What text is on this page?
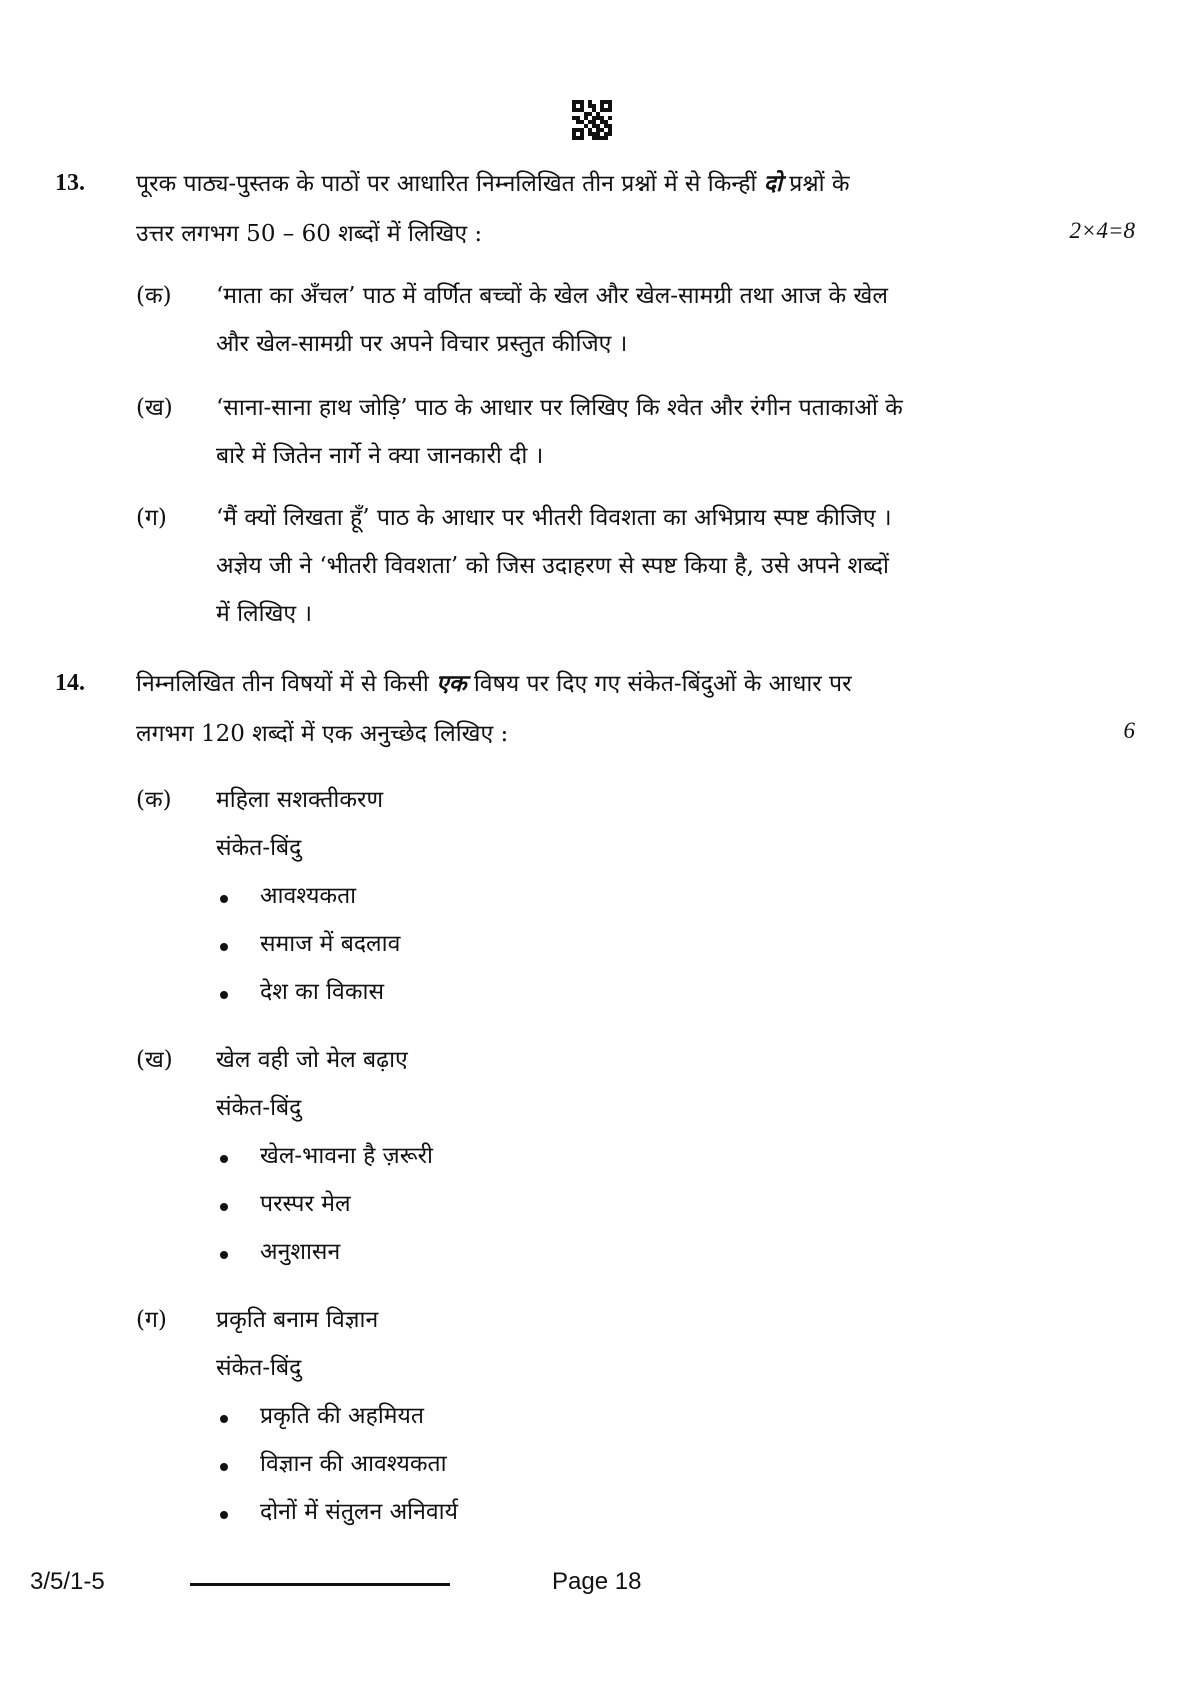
13. पूरक पाठ्य-पुस्तक के पाठों पर आधारित निम्नलिखित तीन प्रश्नों में से किन्हीं दो प्रश्नों के
उत्तर लगभग 50 – 60 शब्दों में लिखिए :	2×4=8
(क) ‘माता का अँचल’ पाठ में वर्णित बच्चों के खेल और खेल-सामग्री तथा आज के खेल
और खेल-सामग्री पर अपने विचार प्रस्तुत कीजिए ।
(ख) ‘साना-साना हाथ जोड़ि’ पाठ के आधार पर लिखिए कि श्वेत और रंगीन पताकाओं के
बारे में जितेन नार्गे ने क्या जानकारी दी ।
(ग) ‘मैं क्यों लिखता हूँ’ पाठ के आधार पर भीतरी विवशता का अभिप्राय स्पष्ट कीजिए ।
अज्ञेय जी ने ‘भीतरी विवशता’ को जिस उदाहरण से स्पष्ट किया है, उसे अपने शब्दों
में लिखिए ।
14. निम्नलिखित तीन विषयों में से किसी एक विषय पर दिए गए संकेत-बिंदुओं के आधार पर
लगभग 120 शब्दों में एक अनुच्छेद लिखिए :	6
(क) महिला सशक्तीकरण
संकेत-बिंदु
आवश्यकता
समाज में बदलाव
देश का विकास
(ख) खेल वही जो मेल बढ़ाए
संकेत-बिंदु
खेल-भावना है ज़रूरी
परस्पर मेल
अनुशासन
(ग) प्रकृति बनाम विज्ञान
संकेत-बिंदु
प्रकृति की अहमियत
विज्ञान की आवश्यकता
दोनों में संतुलन अनिवार्य
3/5/1-5	Page 18
